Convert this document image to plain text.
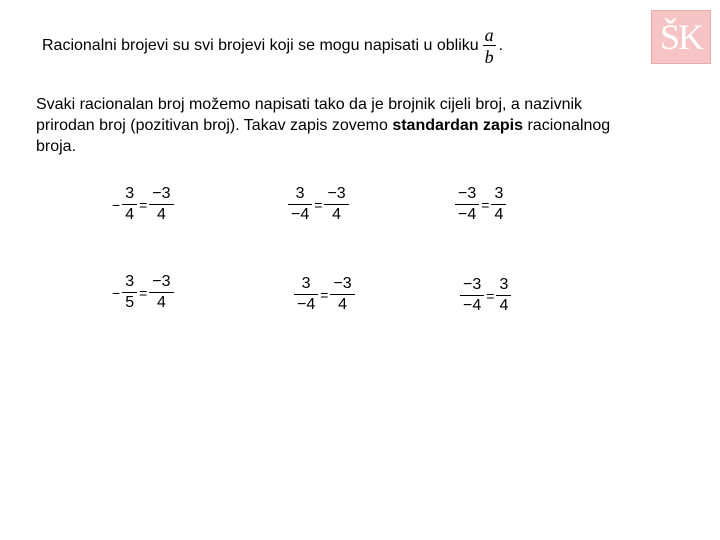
Racionalni brojevi su svi brojevi koji se mogu napisati u obliku $\frac{a}{b}$ .	ŠK
Svaki racionalan broj možemo napisati tako da je brojnik cijeli broj, a nazivnik prirodan broj (pozitivan broj). Takav zapis zovemo standardan zapis racionalnog broja.
− $\frac{3}{4} = \frac{-3}{4}$	$\frac{3}{-4} = \frac{-3}{4}$	$\frac{-3}{-4} = \frac{3}{4}$
− $\frac{3}{5} = \frac{-3}{4}$	$\frac{3}{-4} = \frac{-3}{4}$	$\frac{-3}{-4} = \frac{3}{4}$
